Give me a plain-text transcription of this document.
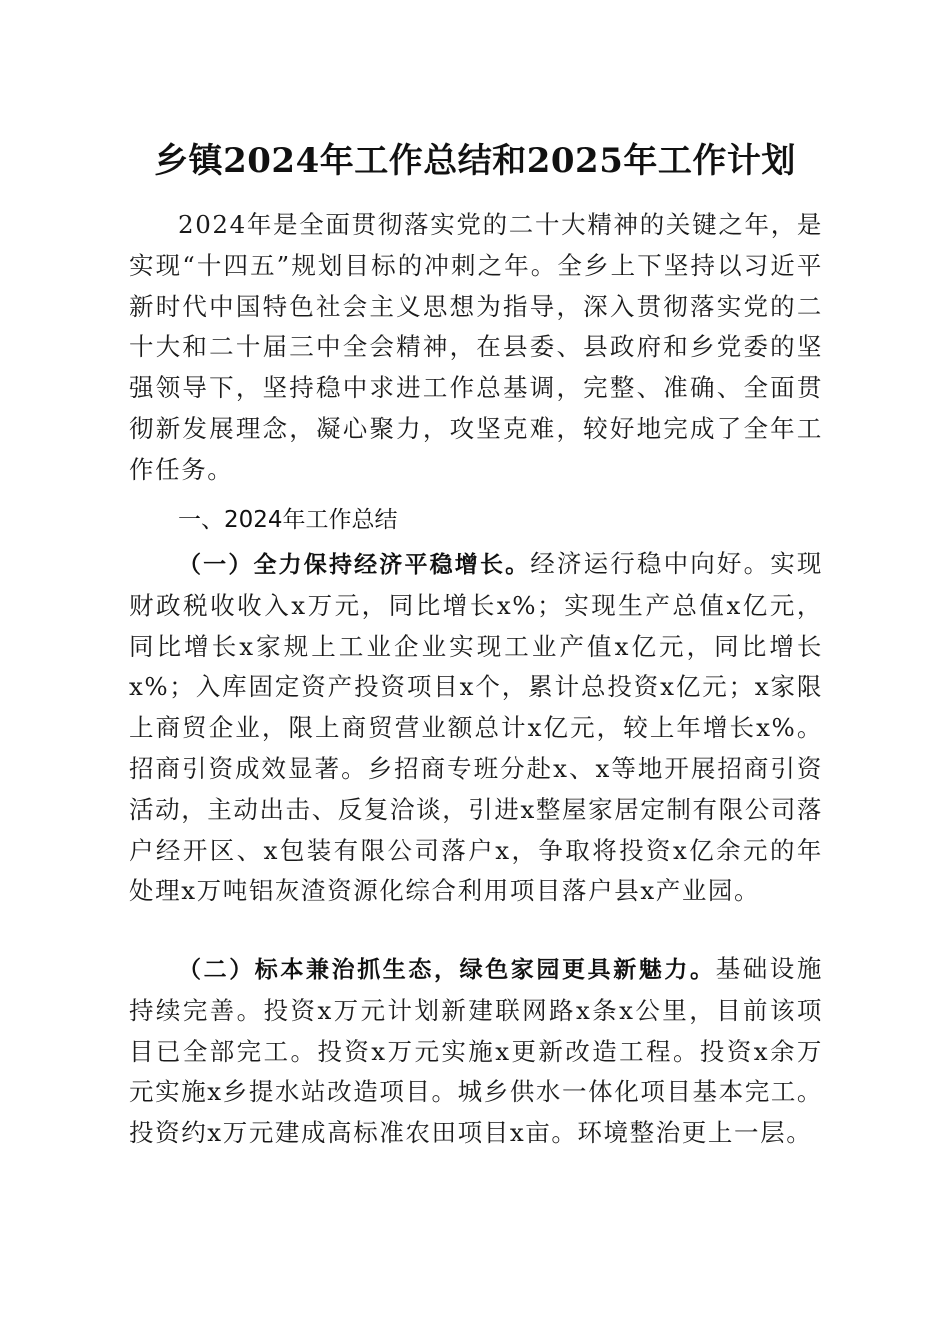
乡镇2024年工作总结和2025年工作计划

2024年是全面贯彻落实党的二十大精神的关键之年，是实现“十四五”规划目标的冲刺之年。全乡上下坚持以习近平新时代中国特色社会主义思想为指导，深入贯彻落实党的二十大和二十届三中全会精神，在县委、县政府和乡党委的坚强领导下，坚持稳中求进工作总基调，完整、准确、全面贯彻新发展理念，凝心聚力，攻坚克难，较好地完成了全年工作任务。

一、2024年工作总结

（一）全力保持经济平稳增长。经济运行稳中向好。实现财政税收收入x万元，同比增长x%；实现生产总值x亿元，同比增长x家规上工业企业实现工业产值x亿元，同比增长x%；入库固定资产投资项目x个，累计总投资x亿元；x家限上商贸企业，限上商贸营业额总计x亿元，较上年增长x%。招商引资成效显著。乡招商专班分赴x、x等地开展招商引资活动，主动出击、反复洽谈，引进x整屋家居定制有限公司落户经开区、x包装有限公司落户x，争取将投资x亿余元的年处理x万吨铝灰渣资源化综合利用项目落户县x产业园。

（二）标本兼治抓生态，绿色家园更具新魅力。基础设施持续完善。投资x万元计划新建联网路x条x公里，目前该项目已全部完工。投资x万元实施x更新改造工程。投资x余万元实施x乡提水站改造项目。城乡供水一体化项目基本完工。投资约x万元建成高标准农田项目x亩。环境整治更上一层。
